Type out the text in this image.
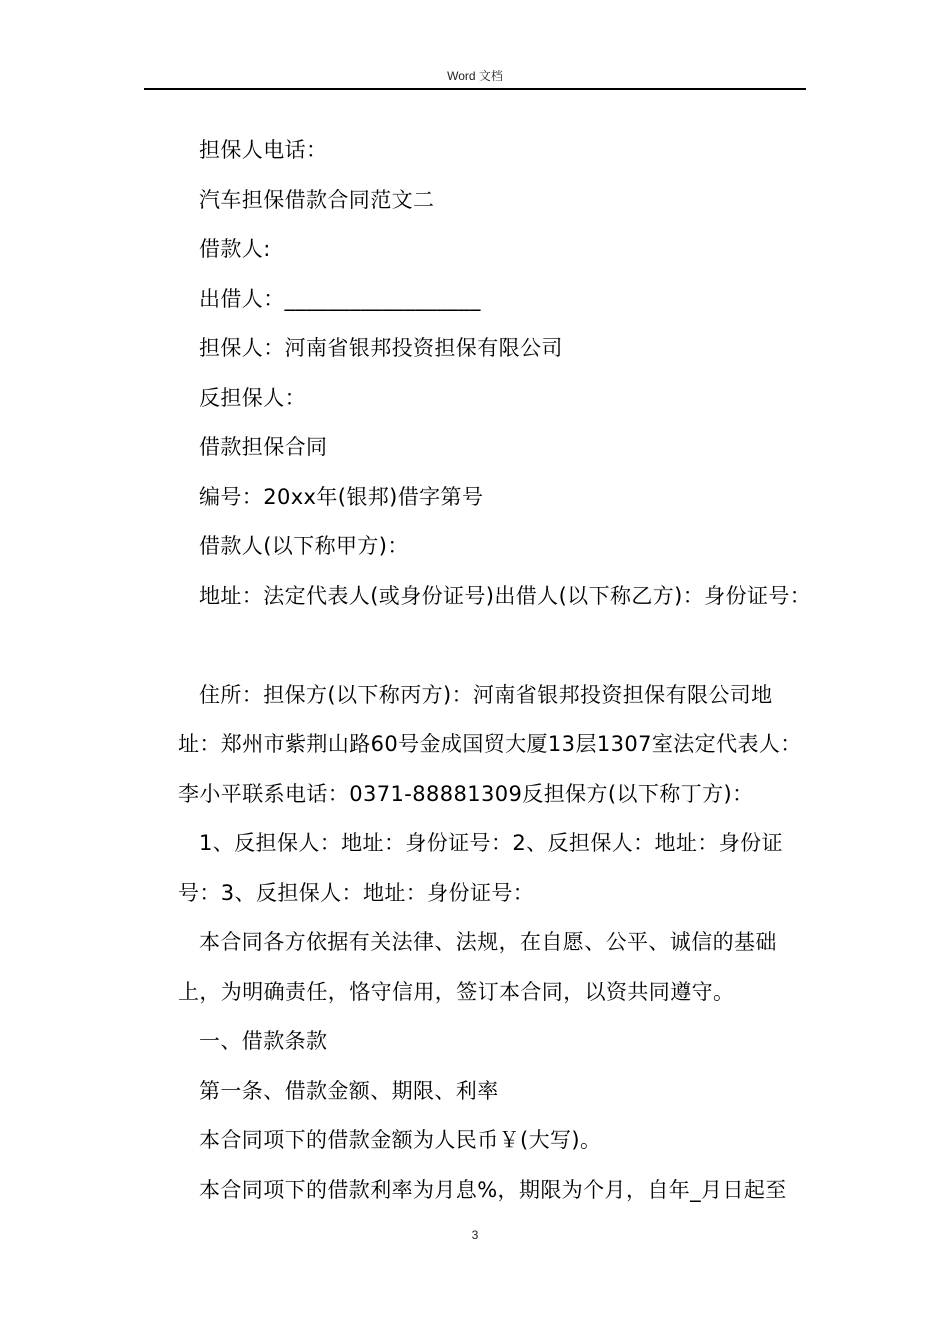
Word 文档

担保人电话：

汽车担保借款合同范文二

借款人:

出借人：__________________

担保人：河南省银邦投资担保有限公司

反担保人：

借款担保合同

编号：20xx年(银邦)借字第号

借款人(以下称甲方)：

地址：法定代表人(或身份证号)出借人(以下称乙方)：身份证号：

住所：担保方(以下称丙方)：河南省银邦投资担保有限公司地址：郑州市紫荆山路60号金成国贸大厦13层1307室法定代表人：李小平联系电话：0371-88881309反担保方(以下称丁方)：

1、反担保人：地址：身份证号：2、反担保人：地址：身份证号：3、反担保人：地址：身份证号：

本合同各方依据有关法律、法规，在自愿、公平、诚信的基础上，为明确责任，恪守信用，签订本合同，以资共同遵守。

一、借款条款

第一条、借款金额、期限、利率

本合同项下的借款金额为人民币￥(大写)。

本合同项下的借款利率为月息%，期限为个月，自年_月日起至

3
